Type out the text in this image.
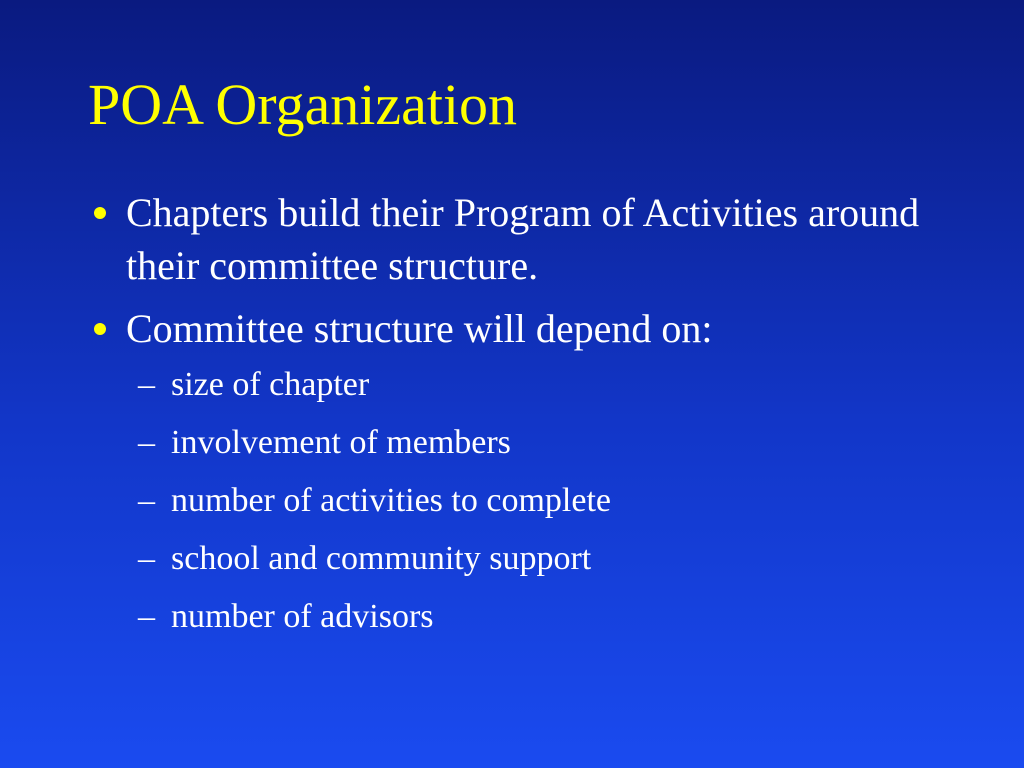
POA Organization
Chapters build their Program of Activities around their committee structure.
Committee structure will depend on:
– size of chapter
– involvement of members
– number of activities to complete
– school and community support
– number of advisors
